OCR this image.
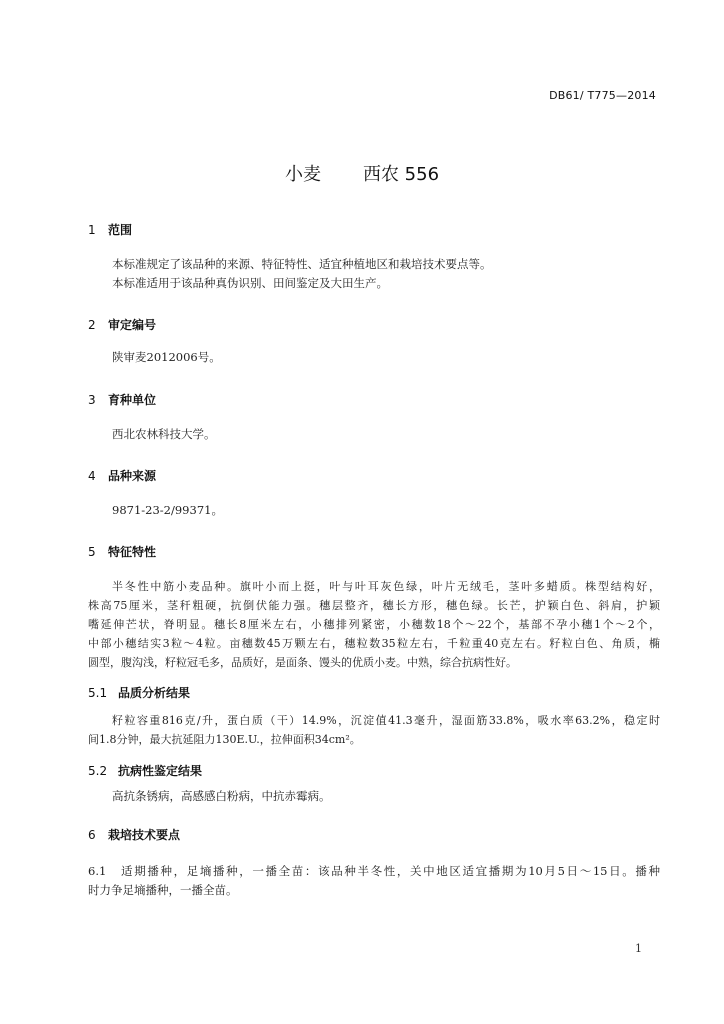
DB61/ T775—2014
小麦 西农 556
1 范围
本标准规定了该品种的来源、特征特性、适宜种植地区和栽培技术要点等。
本标准适用于该品种真伪识别、田间鉴定及大田生产。
2 审定编号
陕审麦2012006号。
3 育种单位
西北农林科技大学。
4 品种来源
9871-23-2/99371。
5 特征特性
半冬性中筋小麦品种。旗叶小而上挺，叶与叶耳灰色绿，叶片无绒毛，茎叶多蜡质。株型结构好，
株高75厘米，茎秆粗硬，抗倒伏能力强。穗层整齐，穗长方形，穗色绿。长芒，护颖白色、斜肩，护颖
嘴延伸芒状，脊明显。穗长8厘米左右，小穗排列紧密，小穗数18个～22个，基部不孕小穗1个～2个，
中部小穗结实3粒～4粒。亩穗数45万颗左右，穗粒数35粒左右，千粒重40克左右。籽粒白色、角质，椭
圆型，腹沟浅，籽粒冠毛多，品质好，是面条、馒头的优质小麦。中熟，综合抗病性好。
5.1 品质分析结果
籽粒容重816克/升，蛋白质（干）14.9%，沉淀值41.3毫升，湿面筋33.8%，吸水率63.2%，稳定时
间1.8分钟，最大抗延阻力130E.U.，拉伸面积34cm²。
5.2 抗病性鉴定结果
高抗条锈病，高感感白粉病，中抗赤霉病。
6 栽培技术要点
6.1　适期播种，足墒播种，一播全苗：该品种半冬性，关中地区适宜播期为10月5日～15日。播种
时力争足墒播种，一播全苗。
1
